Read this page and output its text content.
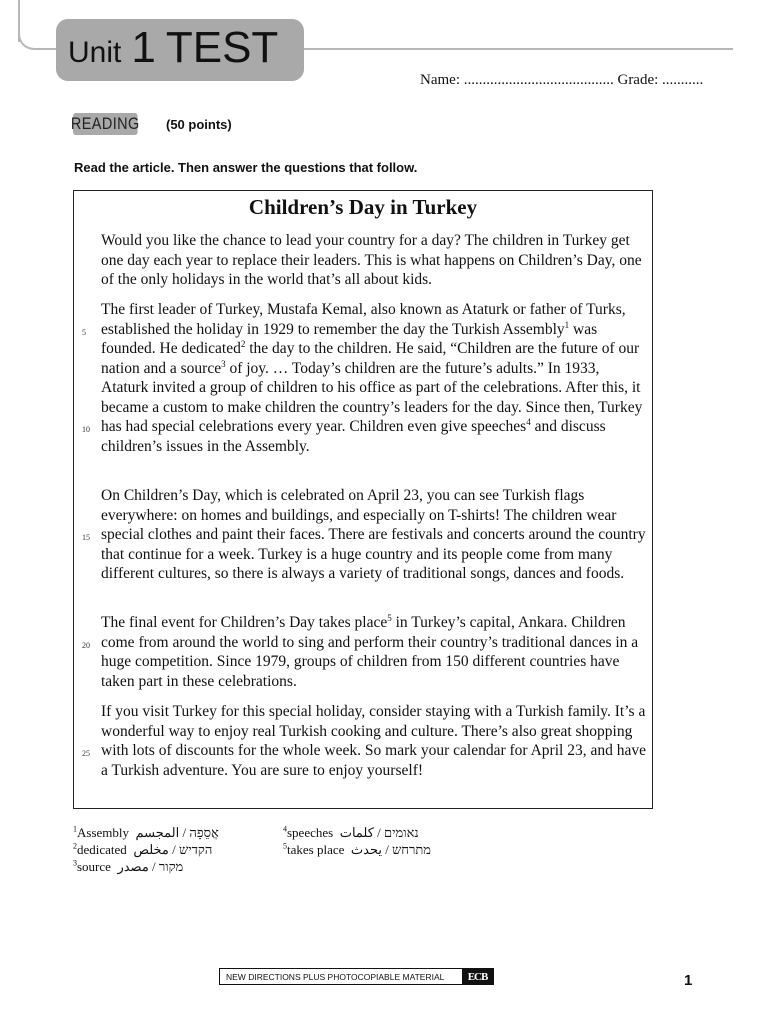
Unit 1 TEST
Name: ........................................ Grade: ...........
READING (50 points)
Read the article. Then answer the questions that follow.
Children’s Day in Turkey
Would you like the chance to lead your country for a day? The children in Turkey get one day each year to replace their leaders. This is what happens on Children’s Day, one of the only holidays in the world that’s all about kids.
The first leader of Turkey, Mustafa Kemal, also known as Ataturk or father of Turks, established the holiday in 1929 to remember the day the Turkish Assembly$^1$ was founded. He dedicated$^2$ the day to the children. He said, “Children are the future of our nation and a source$^3$ of joy. … Today’s children are the future’s adults.” In 1933, Ataturk invited a group of children to his office as part of the celebrations. After this, it became a custom to make children the country’s leaders for the day. Since then, Turkey has had special celebrations every year. Children even give speeches$^4$ and discuss children’s issues in the Assembly.
On Children’s Day, which is celebrated on April 23, you can see Turkish flags everywhere: on homes and buildings, and especially on T-shirts! The children wear special clothes and paint their faces. There are festivals and concerts around the country that continue for a week. Turkey is a huge country and its people come from many different cultures, so there is always a variety of traditional songs, dances and foods.
The final event for Children’s Day takes place$^5$ in Turkey’s capital, Ankara. Children come from around the world to sing and perform their country’s traditional dances in a huge competition. Since 1979, groups of children from 150 different countries have taken part in these celebrations.
If you visit Turkey for this special holiday, consider staying with a Turkish family. It’s a wonderful way to enjoy real Turkish cooking and culture. There’s also great shopping with lots of discounts for the whole week. So mark your calendar for April 23, and have a Turkish adventure. You are sure to enjoy yourself!
5
10
15
20
25
$^1$Assembly אֲסֵפָה / المجسم
$^2$dedicated הקדיש / مخلص
$^3$source מקור / مصدر
$^4$speeches נאומים / كلمات
$^5$takes place מתרחש / يحدث
NEW DIRECTIONS PLUS PHOTOCOPIABLE MATERIAL	ECB	1
